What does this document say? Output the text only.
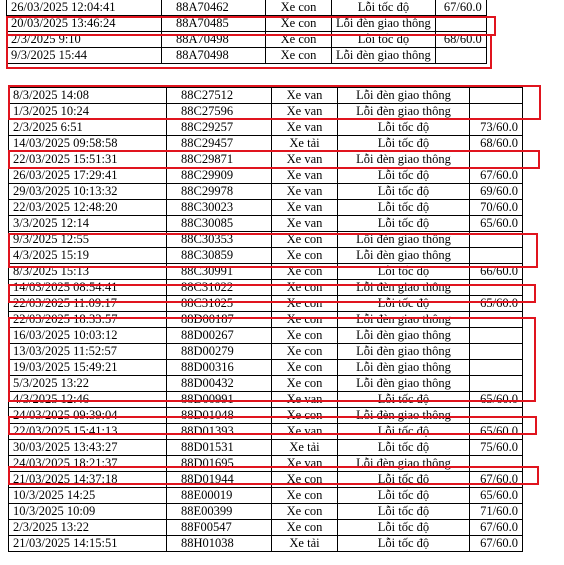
26/03/2025 12:04:41	88A70462	Xe con	Lỗi tốc độ	67/60.0
20/03/2025 13:46:24	88A70485	Xe con	Lỗi đèn giao thông	
2/3/2025 9:10	88A70498	Xe con	Lỗi tốc độ	68/60.0
9/3/2025 15:44	88A70498	Xe con	Lỗi đèn giao thông	
8/3/2025 14:08	88C27512	Xe van	Lỗi đèn giao thông	
1/3/2025 10:24	88C27596	Xe van	Lỗi đèn giao thông	
2/3/2025 6:51	88C29257	Xe van	Lỗi tốc độ	73/60.0
14/03/2025 09:58:58	88C29457	Xe tải	Lỗi tốc độ	68/60.0
22/03/2025 15:51:31	88C29871	Xe van	Lỗi đèn giao thông	
26/03/2025 17:29:41	88C29909	Xe van	Lỗi tốc độ	67/60.0
29/03/2025 10:13:32	88C29978	Xe van	Lỗi tốc độ	69/60.0
22/03/2025 12:48:20	88C30023	Xe van	Lỗi tốc độ	70/60.0
3/3/2025 12:14	88C30085	Xe van	Lỗi tốc độ	65/60.0
9/3/2025 12:55	88C30353	Xe con	Lỗi đèn giao thông	
4/3/2025 15:19	88C30859	Xe con	Lỗi đèn giao thông	
8/3/2025 15:13	88C30991	Xe con	Lỗi tốc độ	66/60.0
14/03/2025 08:54:41	88C31022	Xe con	Lỗi đèn giao thông	
22/03/2025 11:09:17	88C31025	Xe con	Lỗi tốc độ	65/60.0
22/03/2025 18:33:57	88D00187	Xe con	Lỗi đèn giao thông	
16/03/2025 10:03:12	88D00267	Xe con	Lỗi đèn giao thông	
13/03/2025 11:52:57	88D00279	Xe con	Lỗi đèn giao thông	
19/03/2025 15:49:21	88D00316	Xe con	Lỗi đèn giao thông	
5/3/2025 13:22	88D00432	Xe con	Lỗi đèn giao thông	
4/3/2025 12:46	88D00991	Xe van	Lỗi tốc độ	65/60.0
24/03/2025 09:39:04	88D01048	Xe con	Lỗi đèn giao thông	
22/03/2025 15:41:13	88D01393	Xe van	Lỗi tốc độ	65/60.0
30/03/2025 13:43:27	88D01531	Xe tải	Lỗi tốc độ	75/60.0
24/03/2025 18:21:37	88D01695	Xe van	Lỗi đèn giao thông	
21/03/2025 14:37:18	88D01944	Xe con	Lỗi tốc độ	67/60.0
10/3/2025 14:25	88E00019	Xe con	Lỗi tốc độ	65/60.0
10/3/2025 10:09	88E00399	Xe con	Lỗi tốc độ	71/60.0
2/3/2025 13:22	88F00547	Xe con	Lỗi tốc độ	67/60.0
21/03/2025 14:15:51	88H01038	Xe tải	Lỗi tốc độ	67/60.0
